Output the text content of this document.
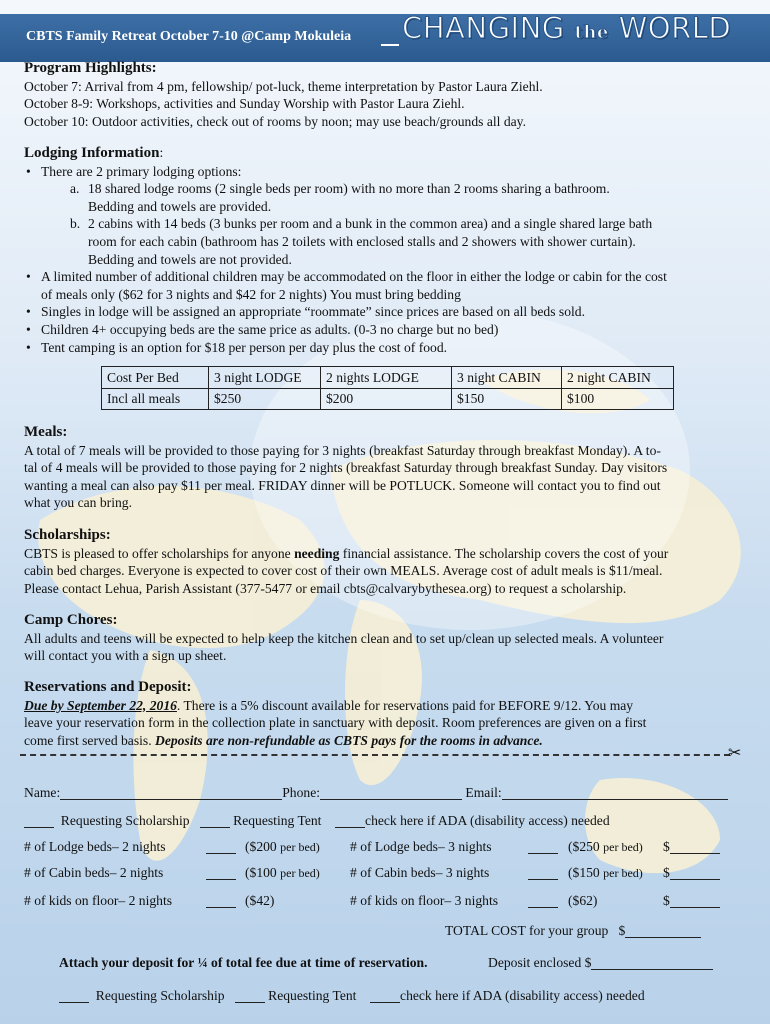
CBTS Family Retreat October 7-10 @Camp Mokuleia CHANGING the WORLD
Program Highlights:

October 7: Arrival from 4 pm, fellowship/ pot-luck, theme interpretation by Pastor Laura Ziehl.

October 8-9: Workshops, activities and Sunday Worship with Pastor Laura Ziehl.

October 10: Outdoor activities, check out of rooms by noon; may use beach/grounds all day.

Lodging Information:
• There are 2 primary lodging options:
a. 18 shared lodge rooms (2 single beds per room) with no more than 2 rooms sharing a bathroom.
Bedding and towels are provided.
b. 2 cabins with 14 beds (3 bunks per room and a bunk in the common area) and a single shared large bath
room for each cabin (bathroom has 2 toilets with enclosed stalls and 2 showers with shower curtain).
Bedding and towels are not provided.
• A limited number of additional children may be accommodated on the floor in either the lodge or cabin for the cost
of meals only ($62 for 3 nights and $42 for 2 nights) You must bring bedding
• Singles in lodge will be assigned an appropriate “roommate” since prices are based on all beds sold.
• Children 4+ occupying beds are the same price as adults. (0-3 no charge but no bed)
• Tent camping is an option for $18 per person per day plus the cost of food.
Cost Per Bed	3 night LODGE	2 nights LODGE	3 night CABIN	2 night CABIN
Incl all meals	$250	$200	$150	$100
Meals:

A total of 7 meals will be provided to those paying for 3 nights (breakfast Saturday through breakfast Monday). A to-

tal of 4 meals will be provided to those paying for 2 nights (breakfast Saturday through breakfast Sunday. Day visitors

wanting a meal can also pay $11 per meal. FRIDAY dinner will be POTLUCK. Someone will contact you to find out

what you can bring.

Scholarships:

CBTS is pleased to offer scholarships for anyone needing financial assistance. The scholarship covers the cost of your

cabin bed charges. Everyone is expected to cover cost of their own MEALS. Average cost of adult meals is $11/meal.

Please contact Lehua, Parish Assistant (377-5477 or email cbts@calvarybythesea.org) to request a scholarship.

Camp Chores:

All adults and teens will be expected to help keep the kitchen clean and to set up/clean up selected meals. A volunteer

will contact you with a sign up sheet.

Reservations and Deposit:

Due by September 22, 2016. There is a 5% discount available for reservations paid for BEFORE 9/12. You may

leave your reservation form in the collection plate in sanctuary with deposit. Room preferences are given on a first

come first served basis. Deposits are non-refundable as CBTS pays for the rooms in advance.

✂
Name:	Phone:	Email:
Requesting Scholarship	Requesting Tent	check here if ADA (disability access) needed
# of Lodge beds– 2 nights	($200 per bed) # of Lodge beds– 3 nights	($250 per bed) $
# of Cabin beds– 2 nights	($100 per bed) # of Cabin beds– 3 nights	($150 per bed) $
# of kids on floor– 2 nights	($42)	# of kids on floor– 3 nights	($62)	$
TOTAL COST for your group $
Attach your deposit for ¼ of total fee due at time of reservation.	Deposit enclosed $
Requesting Scholarship	Requesting Tent	check here if ADA (disability access) needed
